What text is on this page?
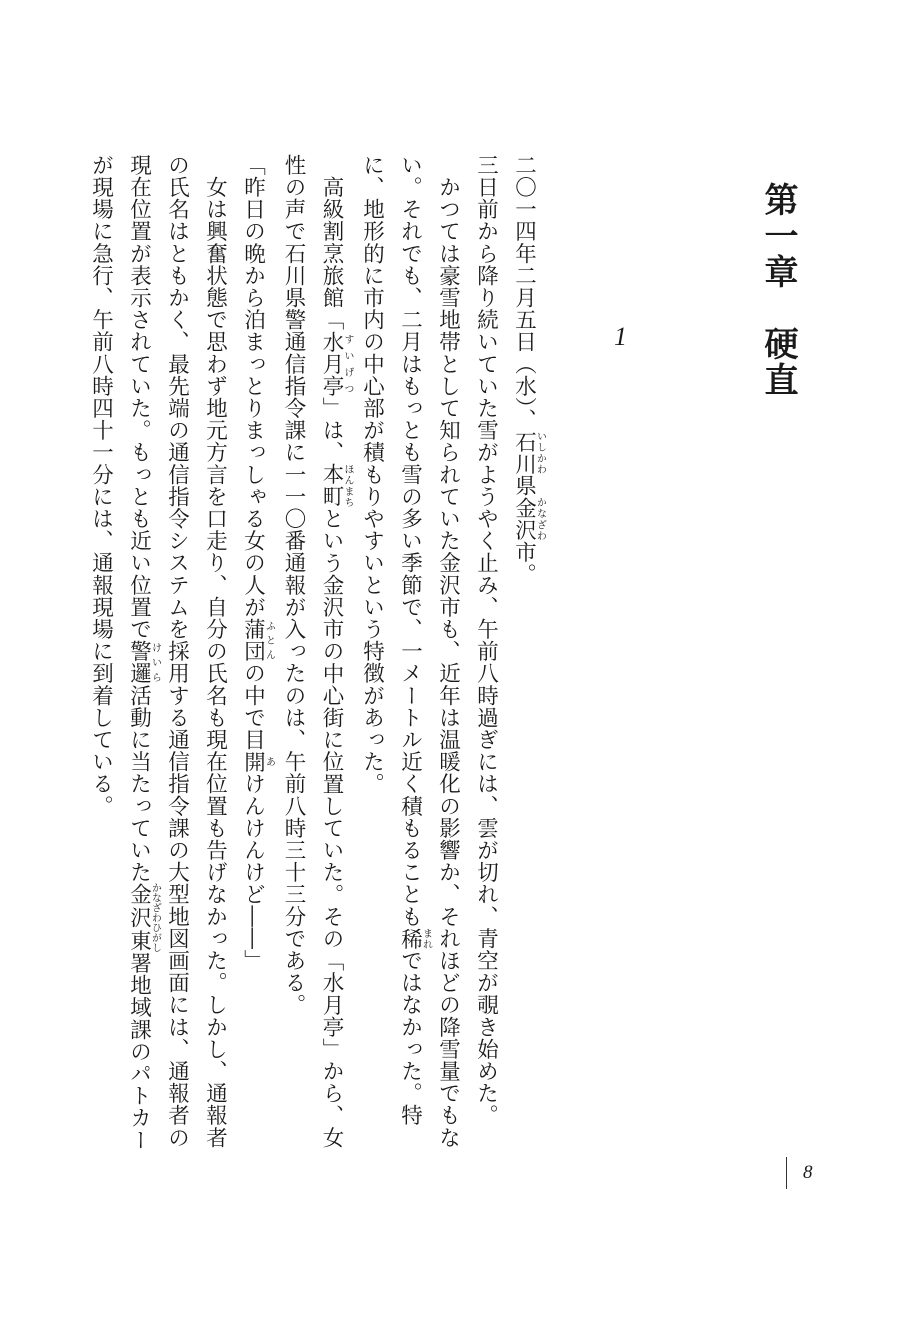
第一章　硬直
1

二〇一四年二月五日（水）、石川いしかわ県金沢かなざわ市。

三日前から降り続いていた雪がようやく止み、午前八時過ぎには、雲が切れ、青空が覗き始めた。

　かつては豪雪地帯として知られていた金沢市も、近年は温暖化の影響か、それほどの降雪量でもない。それでも、二月はもっとも雪の多い季節で、一メートル近く積もることも稀まれではなかった。特に、地形的に市内の中心部が積もりやすいという特徴があった。

　高級割烹旅館「水月亭すいげつ」は、本町ほんまちという金沢市の中心街に位置していた。その「水月亭」から、女性の声で石川県警通信指令課に一一〇番通報が入ったのは、午前八時三十三分である。

「昨日の晩から泊まっとりまっしゃる女の人が蒲団ふとんの中で目開あけんけんけど――」

　女は興奮状態で思わず地元方言を口走り、自分の氏名も現在位置も告げなかった。しかし、通報者の氏名はともかく、最先端の通信指令システムを採用する通信指令課の大型地図画面には、通報者の現在位置が表示されていた。もっとも近い位置で警邏けいら活動に当たっていた金沢東かなざわひがし署地域課のパトカーが現場に急行、午前八時四十一分には、通報現場に到着している。

8
